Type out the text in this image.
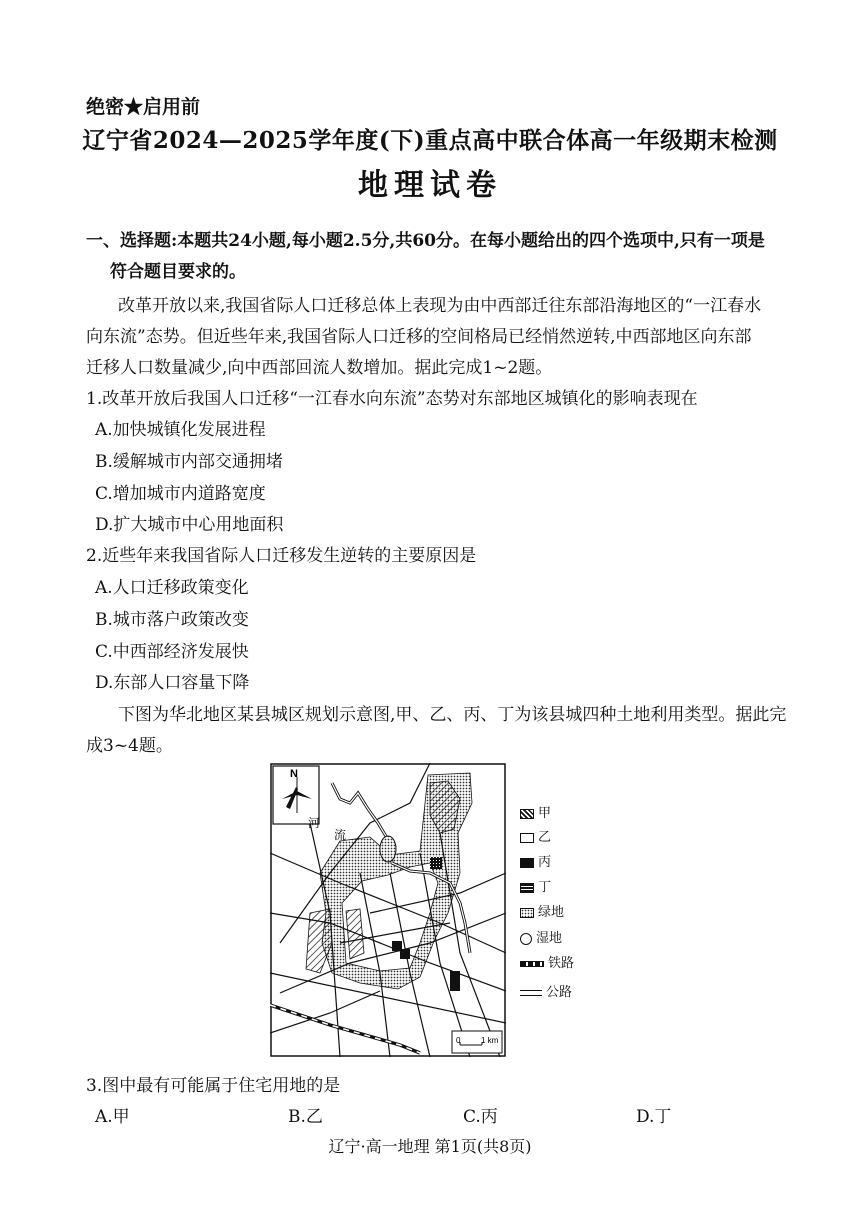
绝密★启用前
辽宁省2024—2025学年度(下)重点高中联合体高一年级期末检测
地理试卷
一、选择题:本题共24小题,每小题2.5分,共60分。在每小题给出的四个选项中,只有一项是
符合题目要求的。
改革开放以来,我国省际人口迁移总体上表现为由中西部迁往东部沿海地区的“一江春水
向东流”态势。但近些年来,我国省际人口迁移的空间格局已经悄然逆转,中西部地区向东部
迁移人口数量减少,向中西部回流人数增加。据此完成1~2题。
1.改革开放后我国人口迁移“一江春水向东流”态势对东部地区城镇化的影响表现在
A.加快城镇化发展进程
B.缓解城市内部交通拥堵
C.增加城市内道路宽度
D.扩大城市中心用地面积
2.近些年来我国省际人口迁移发生逆转的主要原因是
A.人口迁移政策变化
B.城市落户政策改变
C.中西部经济发展快
D.东部人口容量下降
下图为华北地区某县城区规划示意图,甲、乙、丙、丁为该县城四种土地利用类型。据此完
成3~4题。
N
河
流
0	1 km
甲
乙
丙
丁
绿地
湿地
铁路
公路
3.图中最有可能属于住宅用地的是
A.甲	B.乙	C.丙	D.丁
辽宁·高一地理 第1页(共8页)
